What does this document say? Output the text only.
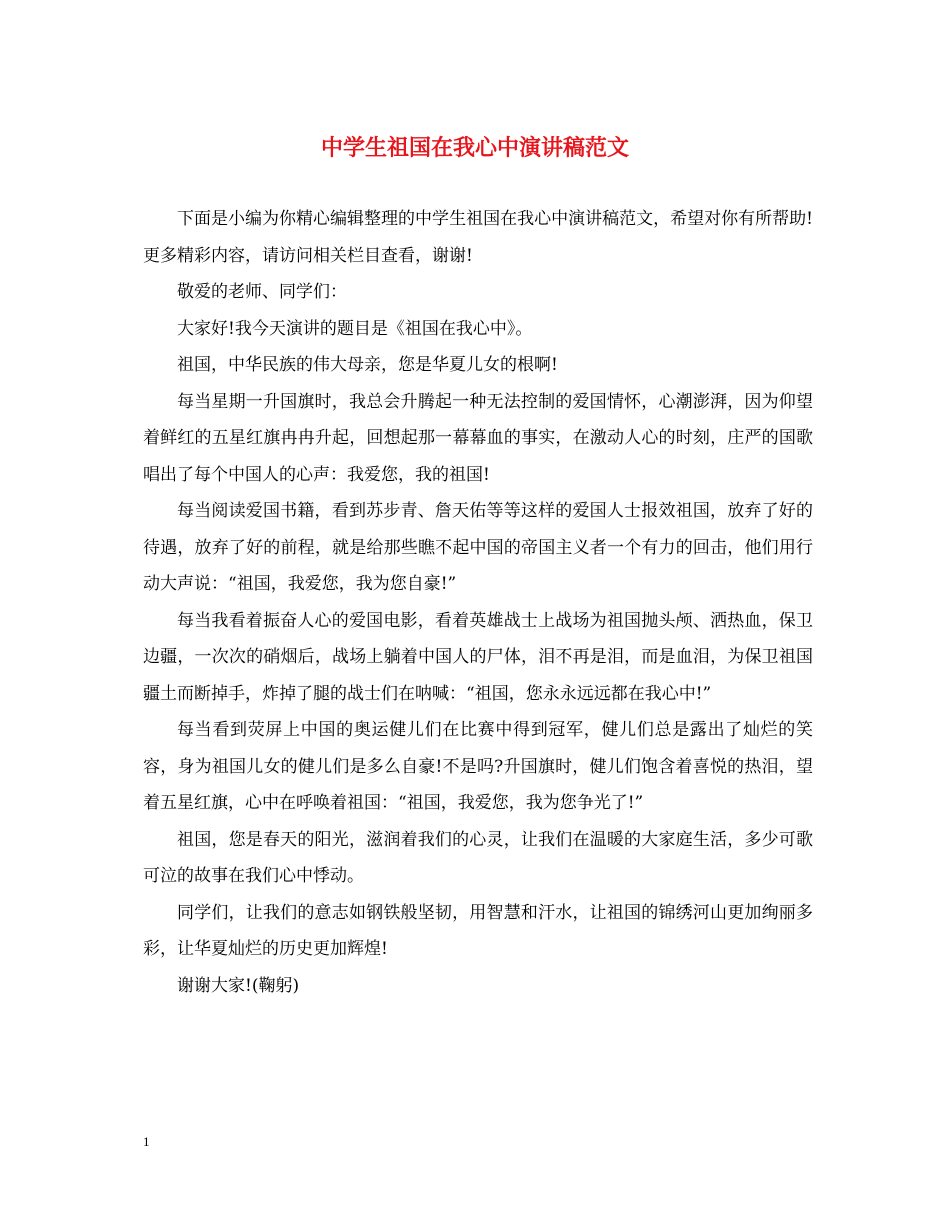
中学生祖国在我心中演讲稿范文

下面是小编为你精心编辑整理的中学生祖国在我心中演讲稿范文，希望对你有所帮助!更多精彩内容，请访问相关栏目查看，谢谢!

敬爱的老师、同学们：

大家好!我今天演讲的题目是《祖国在我心中》。

祖国，中华民族的伟大母亲，您是华夏儿女的根啊!

每当星期一升国旗时，我总会升腾起一种无法控制的爱国情怀，心潮澎湃，因为仰望着鲜红的五星红旗冉冉升起，回想起那一幕幕血的事实，在激动人心的时刻，庄严的国歌唱出了每个中国人的心声：我爱您，我的祖国!

每当阅读爱国书籍，看到苏步青、詹天佑等等这样的爱国人士报效祖国，放弃了好的待遇，放弃了好的前程，就是给那些瞧不起中国的帝国主义者一个有力的回击，他们用行动大声说：“祖国，我爱您，我为您自豪!”

每当我看着振奋人心的爱国电影，看着英雄战士上战场为祖国抛头颅、洒热血，保卫边疆，一次次的硝烟后，战场上躺着中国人的尸体，泪不再是泪，而是血泪，为保卫祖国疆土而断掉手，炸掉了腿的战士们在呐喊：“祖国，您永永远远都在我心中!”

每当看到荧屏上中国的奥运健儿们在比赛中得到冠军，健儿们总是露出了灿烂的笑容，身为祖国儿女的健儿们是多么自豪!不是吗?升国旗时，健儿们饱含着喜悦的热泪，望着五星红旗，心中在呼唤着祖国：“祖国，我爱您，我为您争光了!”

祖国，您是春天的阳光，滋润着我们的心灵，让我们在温暖的大家庭生活，多少可歌可泣的故事在我们心中悸动。

同学们，让我们的意志如钢铁般坚韧，用智慧和汗水，让祖国的锦绣河山更加绚丽多彩，让华夏灿烂的历史更加辉煌!

谢谢大家!(鞠躬)

1
